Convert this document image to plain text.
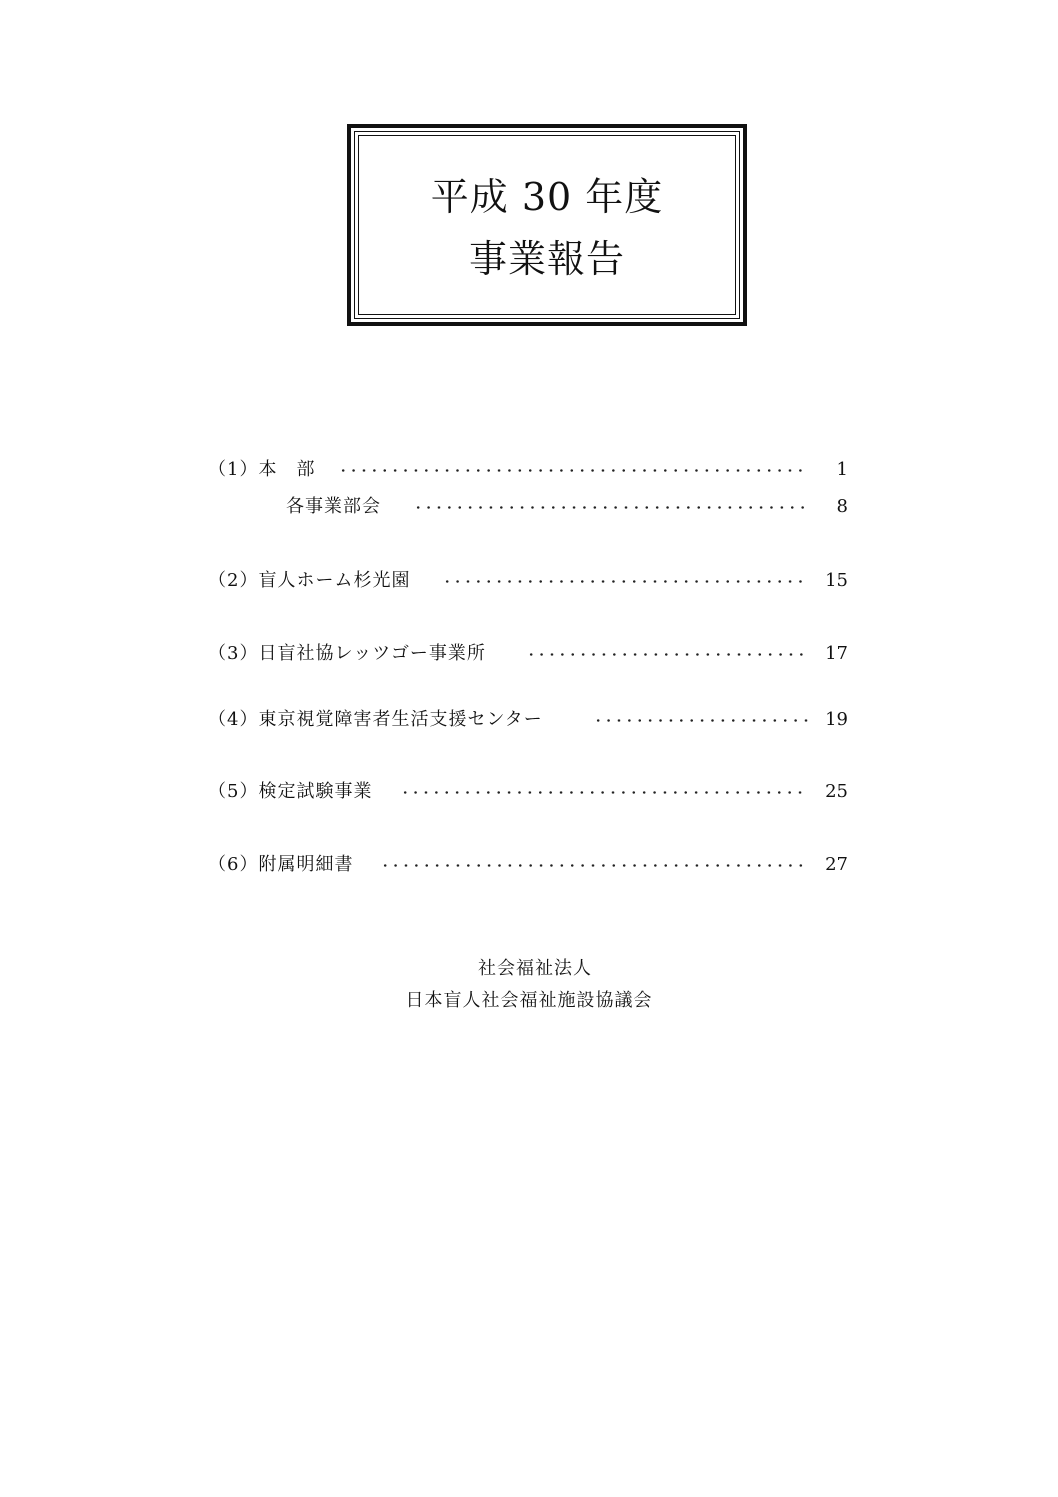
平成 30 年度
事業報告
（1）本　部	1
各事業部会	8
（2）盲人ホーム杉光園	15
（3）日盲社協レッツゴー事業所	17
（4）東京視覚障害者生活支援センター	19
（5）検定試験事業	25
（6）附属明細書	27
社会福祉法人
日本盲人社会福祉施設協議会
